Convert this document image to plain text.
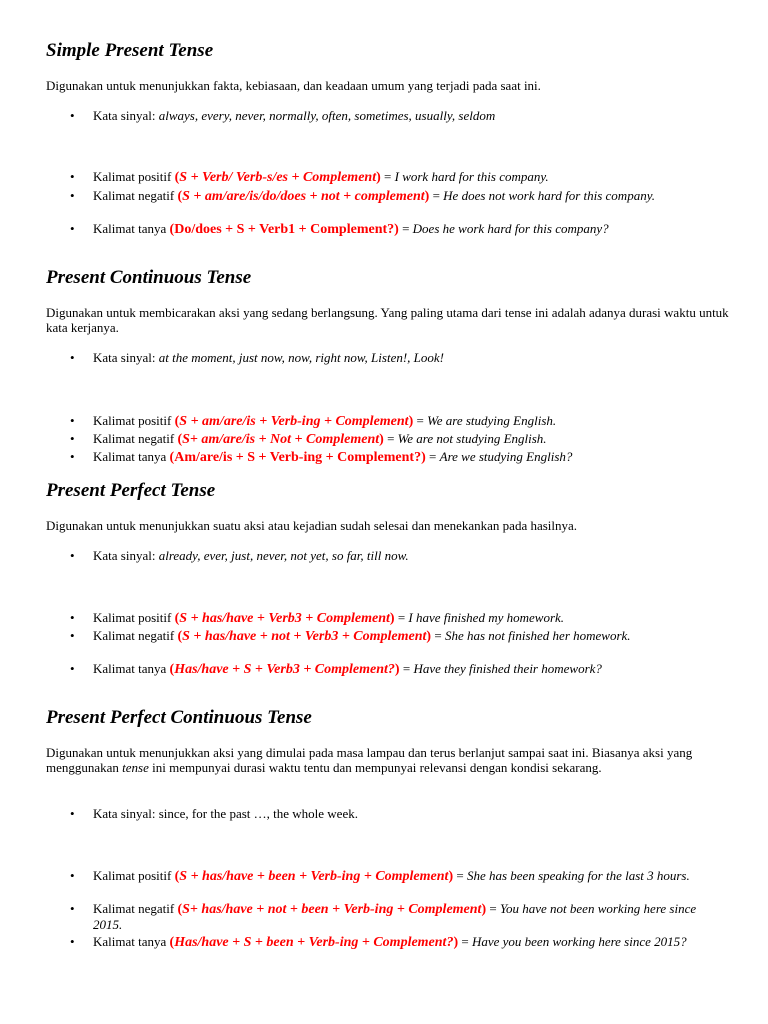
Simple Present Tense

Digunakan untuk menunjukkan fakta, kebiasaan, dan keadaan umum yang terjadi pada saat ini.

•	Kata sinyal: always, every, never, normally, often, sometimes, usually, seldom
•	Kalimat positif (S + Verb/ Verb-s/es + Complement) = I work hard for this company.
•	Kalimat negatif (S + am/are/is/do/does + not + complement) = He does not work hard for this company.
•	Kalimat tanya (Do/does + S + Verb1 + Complement?) = Does he work hard for this company?
Present Continuous Tense

Digunakan untuk membicarakan aksi yang sedang berlangsung. Yang paling utama dari tense ini adalah adanya durasi waktu untuk kata kerjanya.

•	Kata sinyal: at the moment, just now, now, right now, Listen!, Look!
•	Kalimat positif (S + am/are/is + Verb-ing + Complement) = We are studying English.
•	Kalimat negatif (S+ am/are/is + Not + Complement) = We are not studying English.
•	Kalimat tanya (Am/are/is + S + Verb-ing + Complement?) = Are we studying English?
Present Perfect Tense

Digunakan untuk menunjukkan suatu aksi atau kejadian sudah selesai dan menekankan pada hasilnya.

•	Kata sinyal: already, ever, just, never, not yet, so far, till now.
•	Kalimat positif (S + has/have + Verb3 + Complement) = I have finished my homework.
•	Kalimat negatif (S + has/have + not + Verb3 + Complement) = She has not finished her homework.
•	Kalimat tanya (Has/have + S + Verb3 + Complement?) = Have they finished their homework?
Present Perfect Continuous Tense

Digunakan untuk menunjukkan aksi yang dimulai pada masa lampau dan terus berlanjut sampai saat ini. Biasanya aksi yang menggunakan tense ini mempunyai durasi waktu tentu dan mempunyai relevansi dengan kondisi sekarang.

•	Kata sinyal: since, for the past …, the whole week.
•	Kalimat positif (S + has/have + been + Verb-ing + Complement) = She has been speaking for the last 3 hours.
•	Kalimat negatif (S+ has/have + not + been + Verb-ing + Complement) = You have not been working here since 2015.
•	Kalimat tanya (Has/have + S + been + Verb-ing + Complement?) = Have you been working here since 2015?
